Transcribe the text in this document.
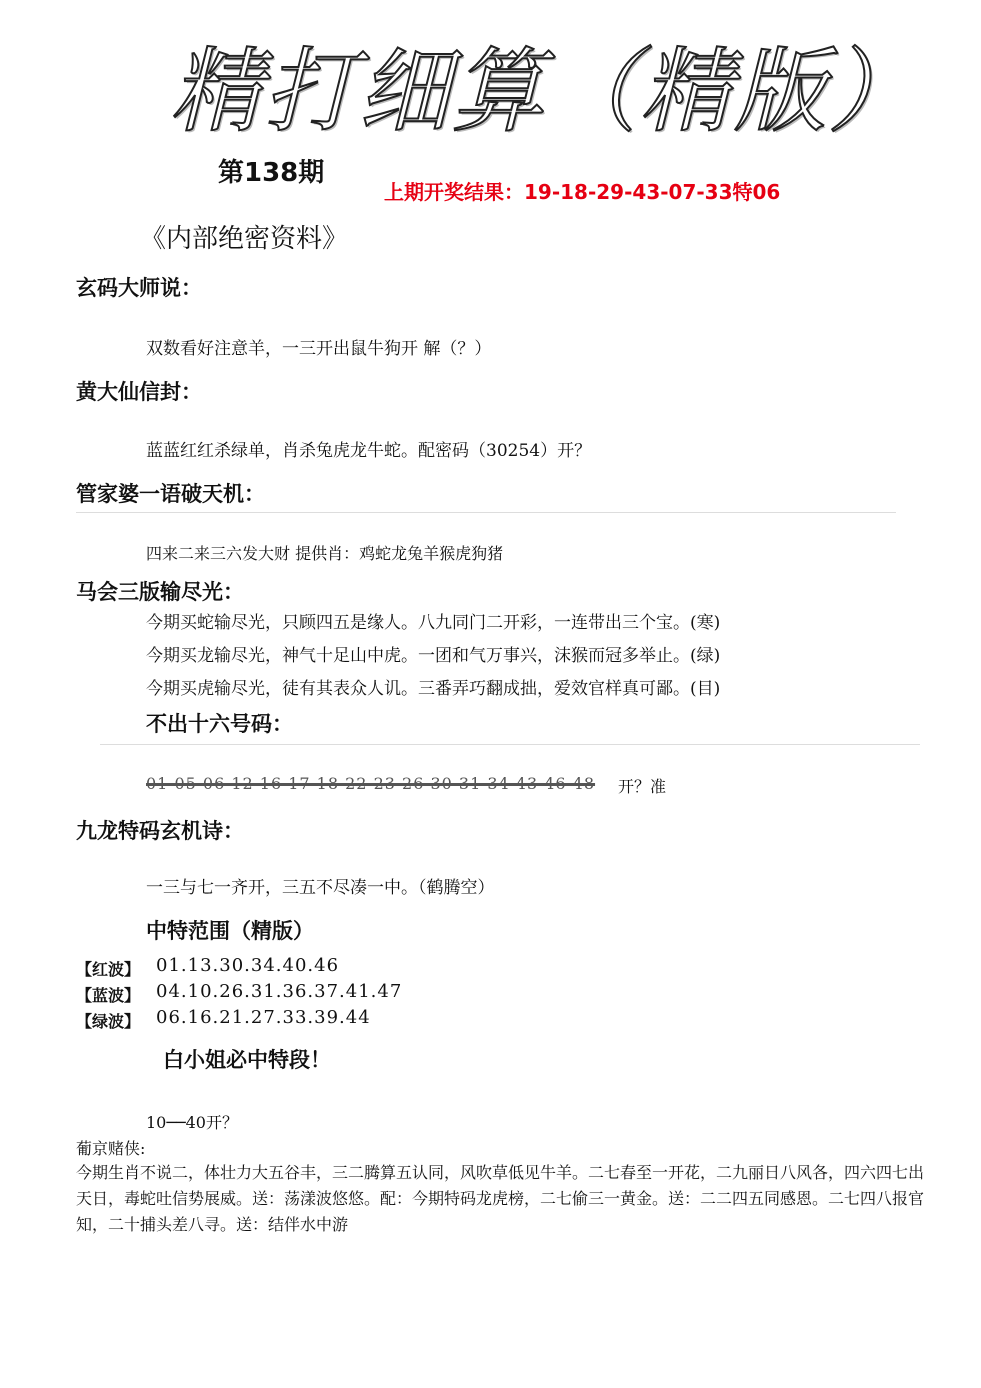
精打细算（精版）
第138期
上期开奖结果：19-18-29-43-07-33特06
《内部绝密资料》
玄码大师说：
双数看好注意羊，一三开出鼠牛狗开 解（？）
黄大仙信封：
蓝蓝红红杀绿单，肖杀兔虎龙牛蛇。配密码（30254）开？
管家婆一语破天机：
四来二来三六发大财 提供肖：鸡蛇龙兔羊猴虎狗猪
马会三版输尽光：
今期买蛇输尽光，只顾四五是缘人。八九同门二开彩，一连带出三个宝。(寒)
今期买龙输尽光，神气十足山中虎。一团和气万事兴，沫猴而冠多举止。(绿)
今期买虎输尽光，徒有其表众人讥。三番弄巧翻成拙，爱效官样真可鄙。(目)
不出十六号码：
01 05 06 12 16 17 18 22 23 26 30 31 34 43 46 48 开？准
九龙特码玄机诗：
一三与七一齐开，三五不尽凑一中。（鹤腾空）
中特范围（精版）
【红波】 01.13.30.34.40.46
【蓝波】 04.10.26.31.36.37.41.47
【绿波】 06.16.21.27.33.39.44
白小姐必中特段！
10──40开？
葡京赌侠:
今期生肖不说二，体壮力大五谷丰，三二腾算五认同，风吹草低见牛羊。二七春至一开花，二九丽日八风各，四六四七出天日，毒蛇吐信势展威。送：荡漾波悠悠。配：今期特码龙虎榜，二七偷三一黄金。送：二二四五同感恩。二七四八报官知，二十捕头差八寻。送：结伴水中游
